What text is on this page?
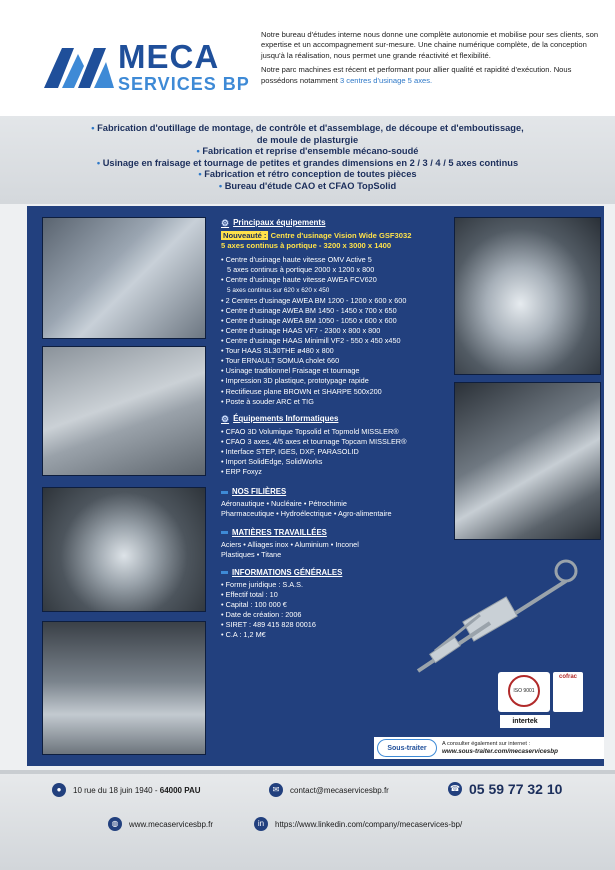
MECA
SERVICES BP

Notre bureau d'études interne nous donne une complète autonomie et mobilise pour ses clients, son expertise et un accompagnement sur-mesure. Une chaine numérique complète, de la conception jusqu'à la réalisation, nous permet une grande réactivité et flexibilité.

Notre parc machines est récent et performant pour allier qualité et rapidité d'exécution. Nous possédons notamment 3 centres d'usinage 5 axes.

• Fabrication d'outillage de montage, de contrôle et d'assemblage, de découpe et d'emboutissage,
de moule de plasturgie
• Fabrication et reprise d'ensemble mécano-soudé
• Usinage en fraisage et tournage de petites et grandes dimensions en 2 / 3 / 4 / 5 axes continus
• Fabrication et rétro conception de toutes pièces
• Bureau d'étude CAO et CFAO TopSolid
⚙ Principaux équipements
Nouveauté : Centre d'usinage Vision Wide GSF3032
5 axes continus à portique - 3200 x 3000 x 1400
• Centre d'usinage haute vitesse OMV Active 5
5 axes continus à portique 2000 x 1200 x 800
• Centre d'usinage haute vitesse AWEA FCV620
5 axes continus sur 620 x 620 x 450
• 2 Centres d'usinage AWEA BM 1200 - 1200 x 600 x 600
• Centre d'usinage AWEA BM 1450 - 1450 x 700 x 650
• Centre d'usinage AWEA BM 1050 - 1050 x 600 x 600
• Centre d'usinage HAAS VF7 - 2300 x 800 x 800
• Centre d'usinage HAAS Minimill VF2 - 550 x 450 x450
• Tour HAAS SL30THE ø480 x 800
• Tour ERNAULT SOMUA cholet 660
• Usinage traditionnel Fraisage et tournage
• Impression 3D plastique, prototypage rapide
• Rectifieuse plane BROWN et SHARPE 500x200
• Poste à souder ARC et TIG
⚙ Équipements Informatiques
• CFAO 3D Volumique Topsolid et Topmold MISSLER®
• CFAO 3 axes, 4/5 axes et tournage Topcam MISSLER®
• Interface STEP, IGES, DXF, PARASOLID
• Import SolidEdge, SolidWorks
• ERP Foxyz
NOS FILIÈRES
Aéronautique • Nucléaire • Pétrochimie
Pharmaceutique • Hydroélectrique • Agro-alimentaire
MATIÈRES TRAVAILLÉES
Aciers • Alliages inox • Aluminium • Inconel
Plastiques • Titane
INFORMATIONS GÉNÉRALES
• Forme juridique : S.A.S.
• Effectif total : 10
• Capital : 100 000 €
• Date de création : 2006
• SIRET : 489 415 828 00016
• C.A : 1,2 M€
ISO 9001
cofrac
intertek
Sous-traiter
A consulter également sur internet :
www.sous-traiter.com/mecaservicesbp
●	10 rue du 18 juin 1940 - 64000 PAU	✉	contact@mecaservicesbp.fr	☎ 05 59 77 32 10
◍	www.mecaservicesbp.fr	in	https://www.linkedin.com/company/mecaservices-bp/
